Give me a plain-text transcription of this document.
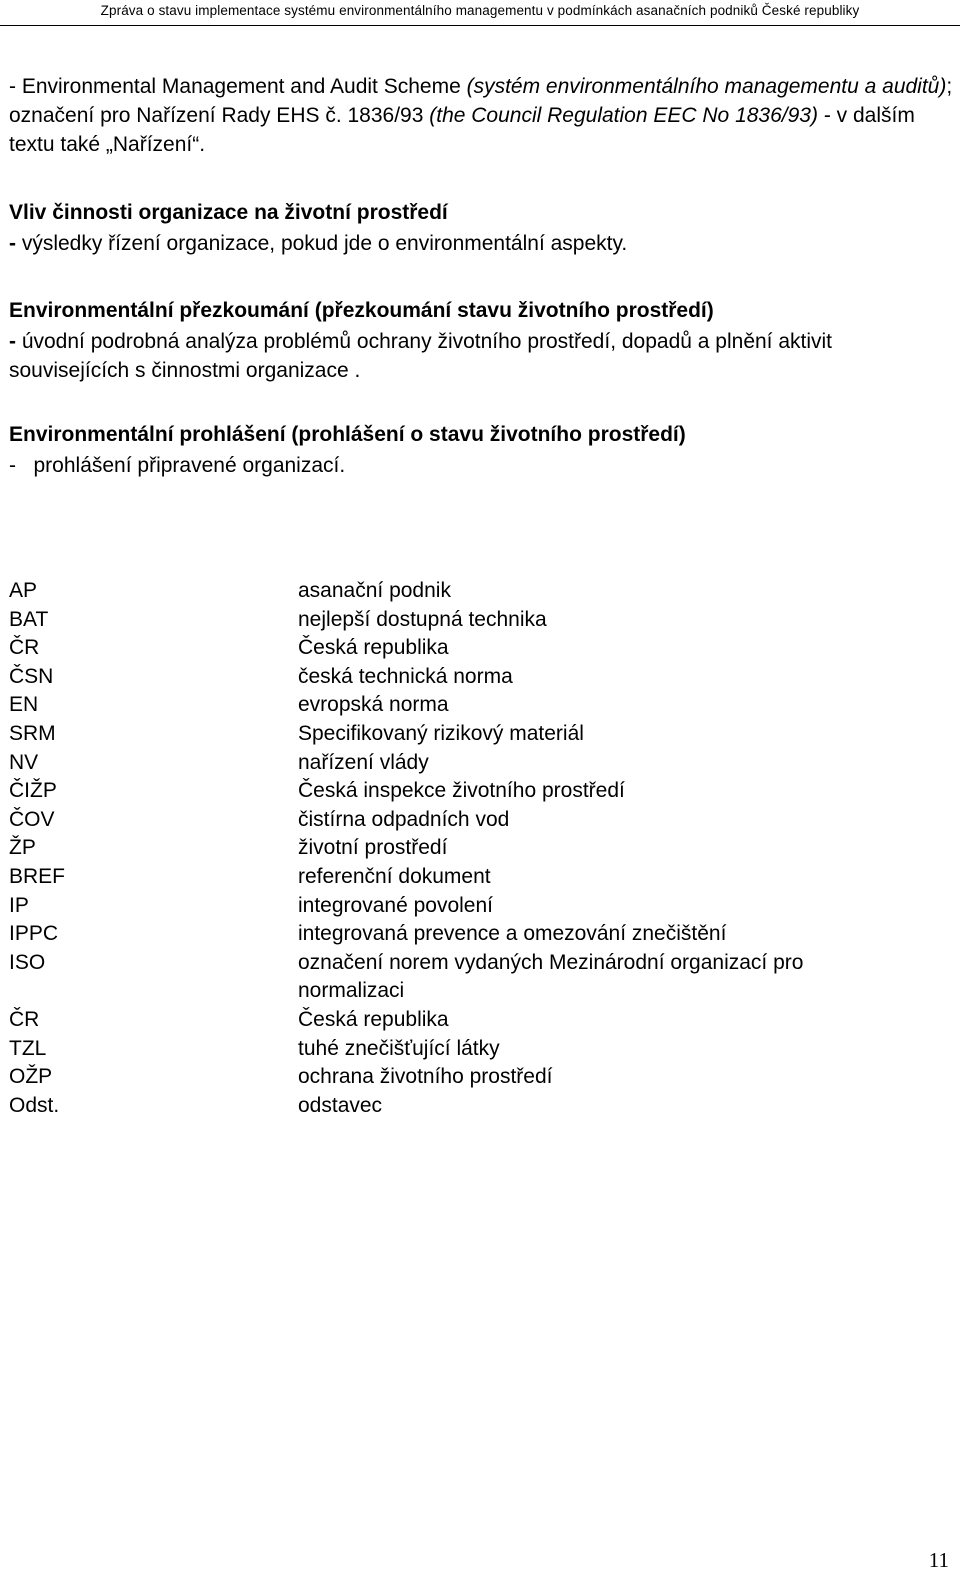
Zpráva o stavu implementace systému environmentálního managementu v podmínkách asanačních podniků České republiky

- Environmental Management and Audit Scheme (systém environmentálního managementu a auditů); označení pro Nařízení Rady EHS č. 1836/93 (the Council Regulation EEC No 1836/93) - v dalším textu také „Nařízení“.

Vliv činnosti organizace na životní prostředí

- výsledky řízení organizace, pokud jde o environmentální aspekty.

Environmentální přezkoumání (přezkoumání stavu životního prostředí)

- úvodní podrobná analýza problémů ochrany životního prostředí, dopadů a plnění aktivit souvisejících s činnostmi organizace .

Environmentální prohlášení (prohlášení o stavu životního prostředí)

-   prohlášení připravené organizací.

AP	asanační podnik
BAT	nejlepší dostupná technika
ČR	Česká republika
ČSN	česká technická norma
EN	evropská norma
SRM	Specifikovaný rizikový materiál
NV	nařízení vlády
ČIŽP	Česká inspekce životního prostředí
ČOV	čistírna odpadních vod
ŽP	životní prostředí
BREF	referenční dokument
IP	integrované povolení
IPPC	integrovaná prevence a omezování znečištění
ISO	označení norem vydaných Mezinárodní organizací pro normalizaci
ČR	Česká republika
TZL	tuhé znečišťující látky
OŽP	ochrana životního prostředí
Odst.	odstavec
11
